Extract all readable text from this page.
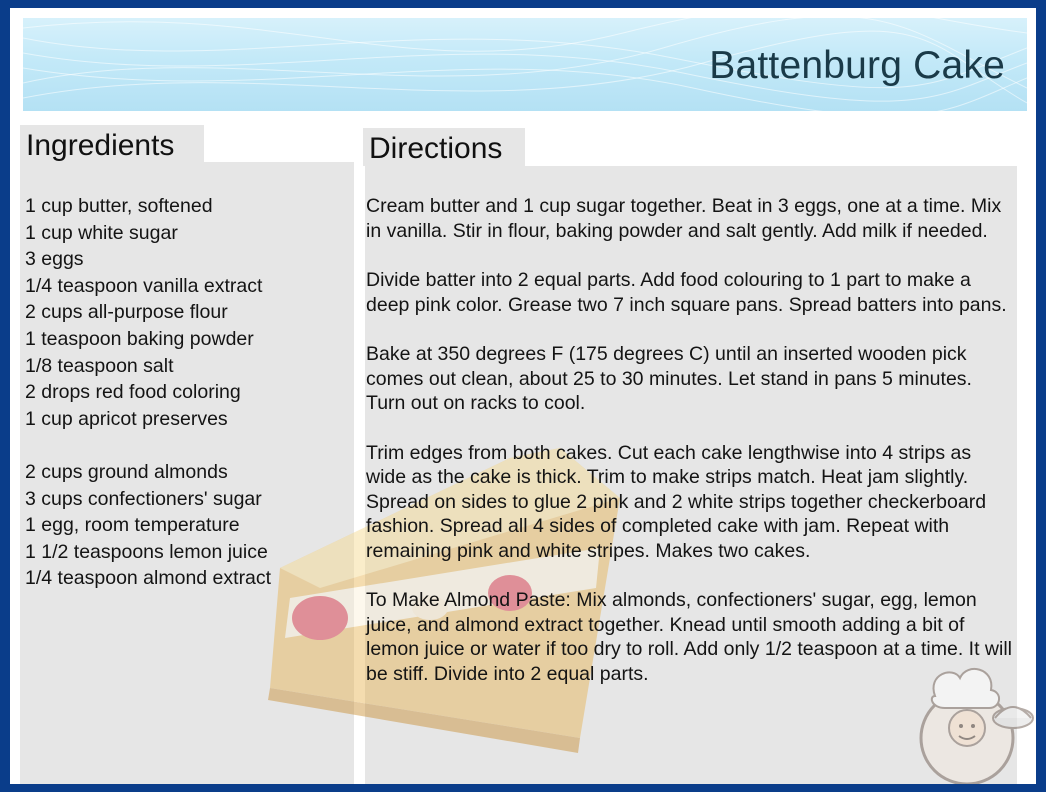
Battenburg Cake
Ingredients	Directions
1 cup butter, softened
1 cup white sugar
3 eggs
1/4 teaspoon vanilla extract
2 cups all-purpose flour
1 teaspoon baking powder
1/8 teaspoon salt
2 drops red food coloring
1 cup apricot preserves
2 cups ground almonds
3 cups confectioners' sugar
1 egg, room temperature
1 1/2 teaspoons lemon juice
1/4 teaspoon almond extract

Cream butter and 1 cup sugar together. Beat in 3 eggs, one at a time. Mix in vanilla. Stir in flour, baking powder and salt gently. Add milk if needed.

Divide batter into 2 equal parts. Add food colouring to 1 part to make a deep pink color. Grease two 7 inch square pans. Spread batters into pans.

Bake at 350 degrees F (175 degrees C) until an inserted wooden pick comes out clean, about 25 to 30 minutes. Let stand in pans 5 minutes. Turn out on racks to cool.

Trim edges from both cakes. Cut each cake lengthwise into 4 strips as wide as the cake is thick. Trim to make strips match. Heat jam slightly. Spread on sides to glue 2 pink and 2 white strips together checkerboard fashion. Spread all 4 sides of completed cake with jam. Repeat with remaining pink and white stripes. Makes two cakes.

To Make Almond Paste: Mix almonds, confectioners' sugar, egg, lemon juice, and almond extract together. Knead until smooth adding a bit of lemon juice or water if too dry to roll. Add only 1/2 teaspoon at a time. It will be stiff. Divide into 2 equal parts.
